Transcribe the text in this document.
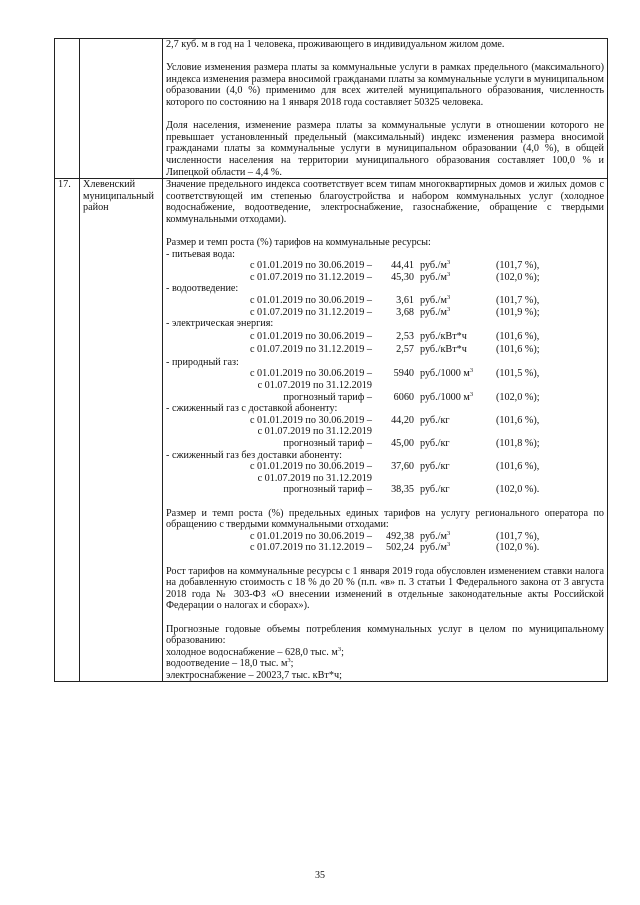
2,7 куб. м в год на 1 человека, проживающего в индивидуальном жилом доме.

Условие изменения размера платы за коммунальные услуги в рамках предельного (максимального) индекса изменения размера вносимой гражданами платы за коммунальные услуги в муниципальном образовании (4,0 %) применимо для всех жителей муниципального образования, численность которого по состоянию на 1 января 2018 года составляет 50325 человека.

Доля населения, изменение размера платы за коммунальные услуги в отношении которого не превышает установленный предельный (максимальный) индекс изменения размера вносимой гражданами платы за коммунальные услуги в муниципальном образовании (4,0 %), в общей численности населения на территории муниципального образования составляет 100,0 % и Липецкой области – 4,4 %.

17.	Хлевенский муниципальный район

Значение предельного индекса соответствует всем типам многоквартирных домов и жилых домов с соответствующей им степенью благоустройства и набором коммунальных услуг (холодное водоснабжение, водоотведение, электроснабжение, газоснабжение, обращение с твердыми коммунальными отходами).

Размер и темп роста (%) тарифов на коммунальные ресурсы:

- питьевая вода:
с 01.01.2019 по 30.06.2019 –	44,41	$руб./м^3$	(101,7 %),
с 01.07.2019 по 31.12.2019 –	45,30	$руб./м^3$	(102,0 %);
- водоотведение:
с 01.01.2019 по 30.06.2019 –	3,61	$руб./м^3$	(101,7 %),
с 01.07.2019 по 31.12.2019 –	3,68	$руб./м^3$	(101,9 %);
- электрическая энергия:
с 01.01.2019 по 30.06.2019 –	2,53	руб./кВт*ч	(101,6 %),
с 01.07.2019 по 31.12.2019 –	2,57	руб./кВт*ч	(101,6 %);
- природный газ:
с 01.01.2019 по 30.06.2019 –	5940	руб./1000 $м^3$	(101,5 %),
с 01.07.2019 по 31.12.2019			
прогнозный тариф –	6060	руб./1000 $м^3$	(102,0 %);
- сжиженный газ с доставкой абоненту:
с 01.01.2019 по 30.06.2019 –	44,20	руб./кг	(101,6 %),
с 01.07.2019 по 31.12.2019			
прогнозный тариф –	45,00	руб./кг	(101,8 %);
- сжиженный газ без доставки абоненту:
с 01.01.2019 по 30.06.2019 –	37,60	руб./кг	(101,6 %),
с 01.07.2019 по 31.12.2019			
прогнозный тариф –	38,35	руб./кг	(102,0 %).

Размер и темп роста (%) предельных единых тарифов на услугу регионального оператора по обращению с твердыми коммунальными отходами:

с 01.01.2019 по 30.06.2019 –	492,38	$руб./м^3$	(101,7 %),
с 01.07.2019 по 31.12.2019 –	502,24	$руб./м^3$	(102,0 %).

Рост тарифов на коммунальные ресурсы с 1 января 2019 года обусловлен изменением ставки налога на добавленную стоимость с 18 % до 20 % (п.п. «в» п. 3 статьи 1 Федерального закона от 3 августа 2018 года № 303-ФЗ «О внесении изменений в отдельные законодательные акты Российской Федерации о налогах и сборах»).

Прогнозные годовые объемы потребления коммунальных услуг в целом по муниципальному образованию:

холодное водоснабжение – 628,0 тыс. $м^3$;
водоотведение – 18,0 тыс. $м^3$;
электроснабжение – 20023,7 тыс. кВт*ч;
35
